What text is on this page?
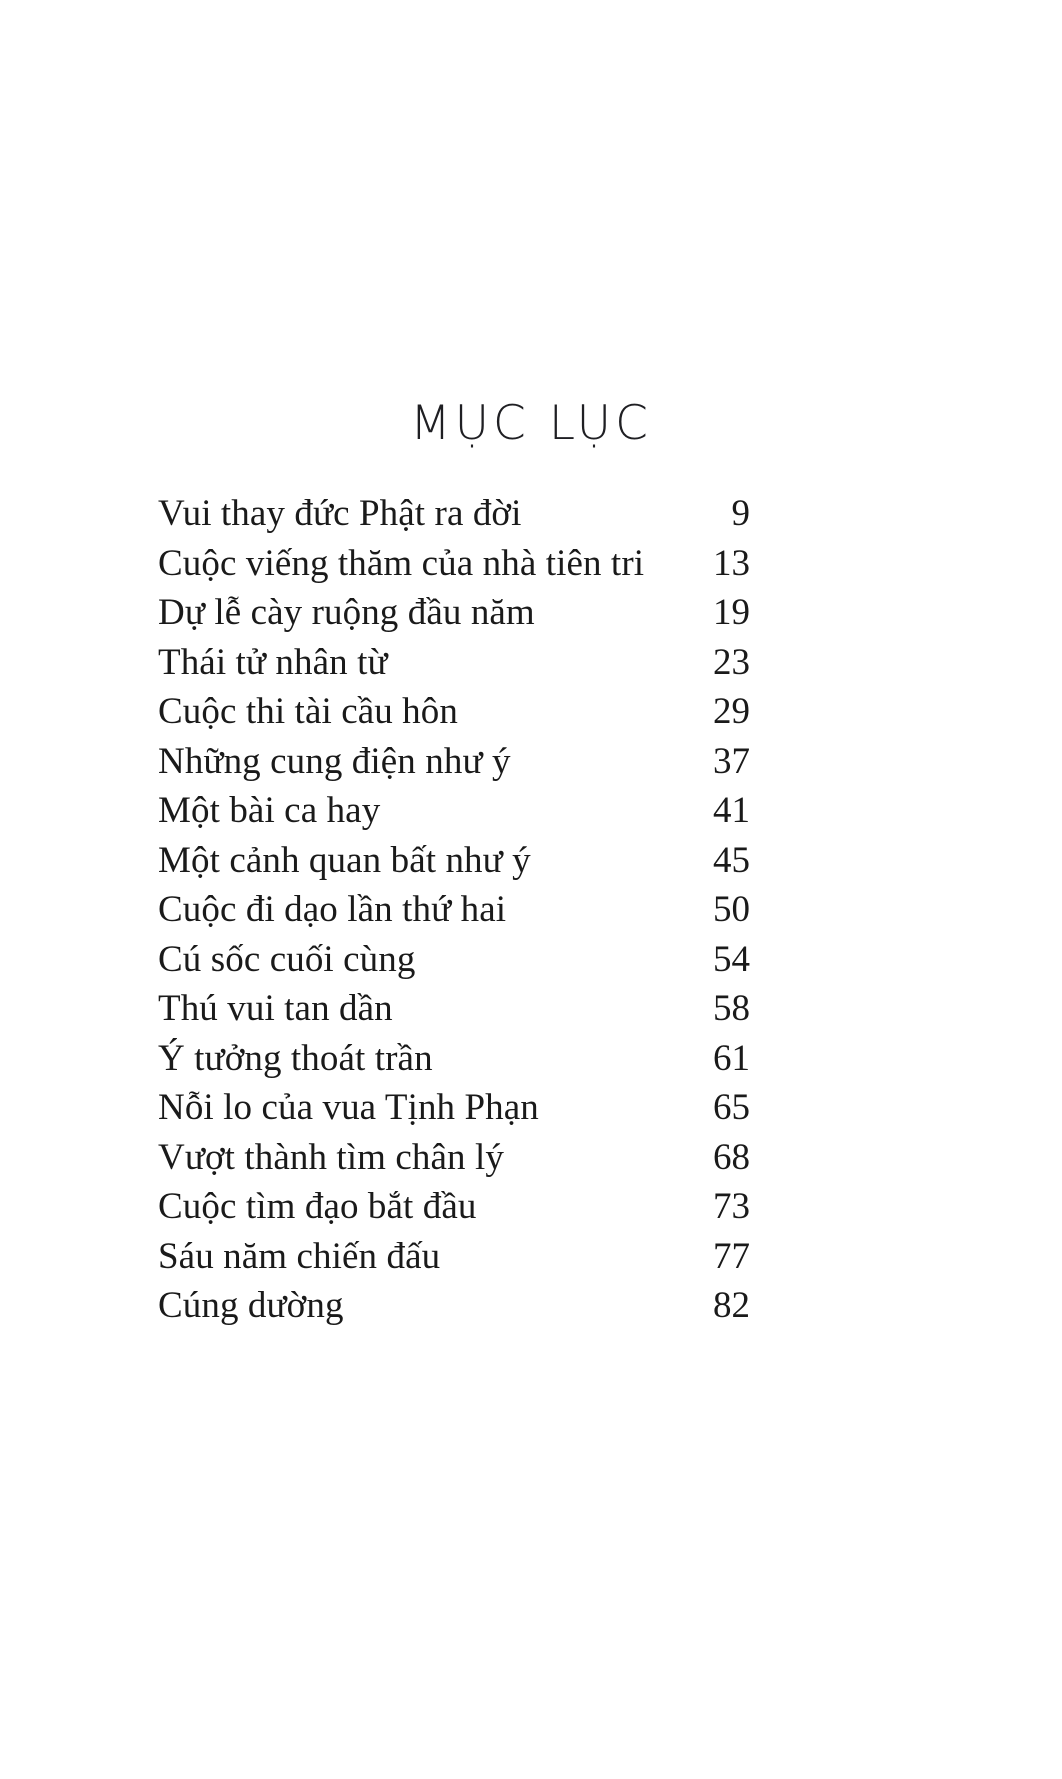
MỤC LỤC
Vui thay đức Phật ra đời	9
Cuộc viếng thăm của nhà tiên tri	13
Dự lễ cày ruộng đầu năm	19
Thái tử nhân từ	23
Cuộc thi tài cầu hôn	29
Những cung điện như ý	37
Một bài ca hay	41
Một cảnh quan bất như ý	45
Cuộc đi dạo lần thứ hai	50
Cú sốc cuối cùng	54
Thú vui tan dần	58
Ý tưởng thoát trần	61
Nỗi lo của vua Tịnh Phạn	65
Vượt thành tìm chân lý	68
Cuộc tìm đạo bắt đầu	73
Sáu năm chiến đấu	77
Cúng dường	82
